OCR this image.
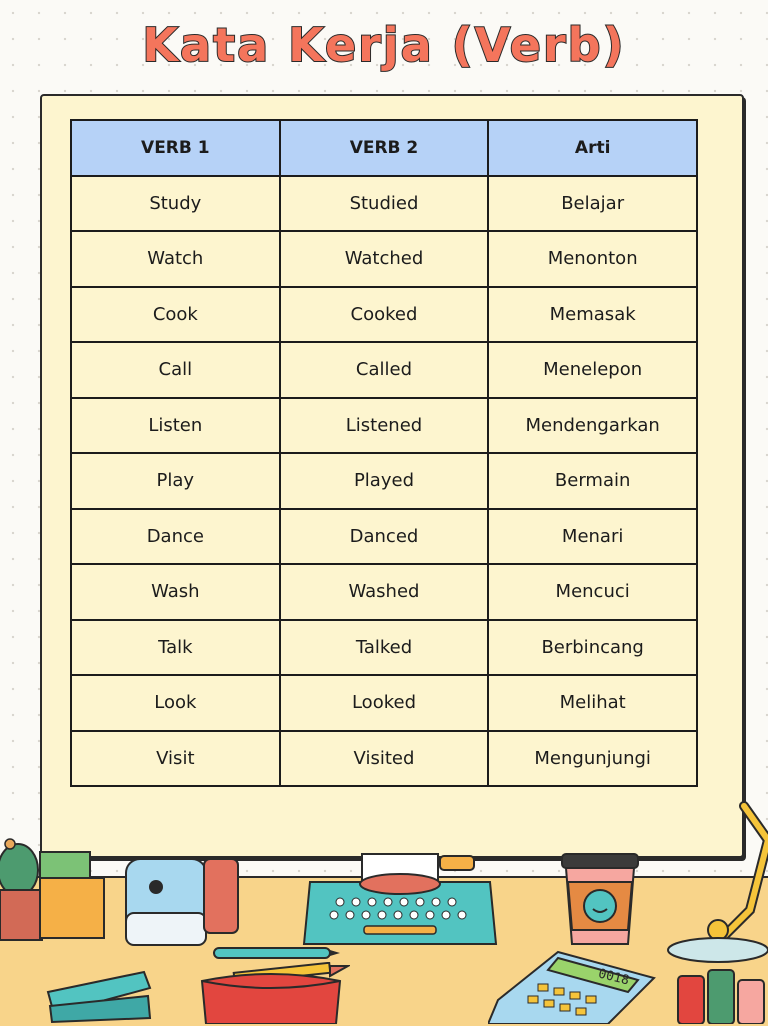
Kata Kerja (Verb)
VERB 1	VERB 2	Arti
Study	Studied	Belajar
Watch	Watched	Menonton
Cook	Cooked	Memasak
Call	Called	Menelepon
Listen	Listened	Mendengarkan
Play	Played	Bermain
Dance	Danced	Menari
Wash	Washed	Mencuci
Talk	Talked	Berbincang
Look	Looked	Melihat
Visit	Visited	Mengunjungi
0018
